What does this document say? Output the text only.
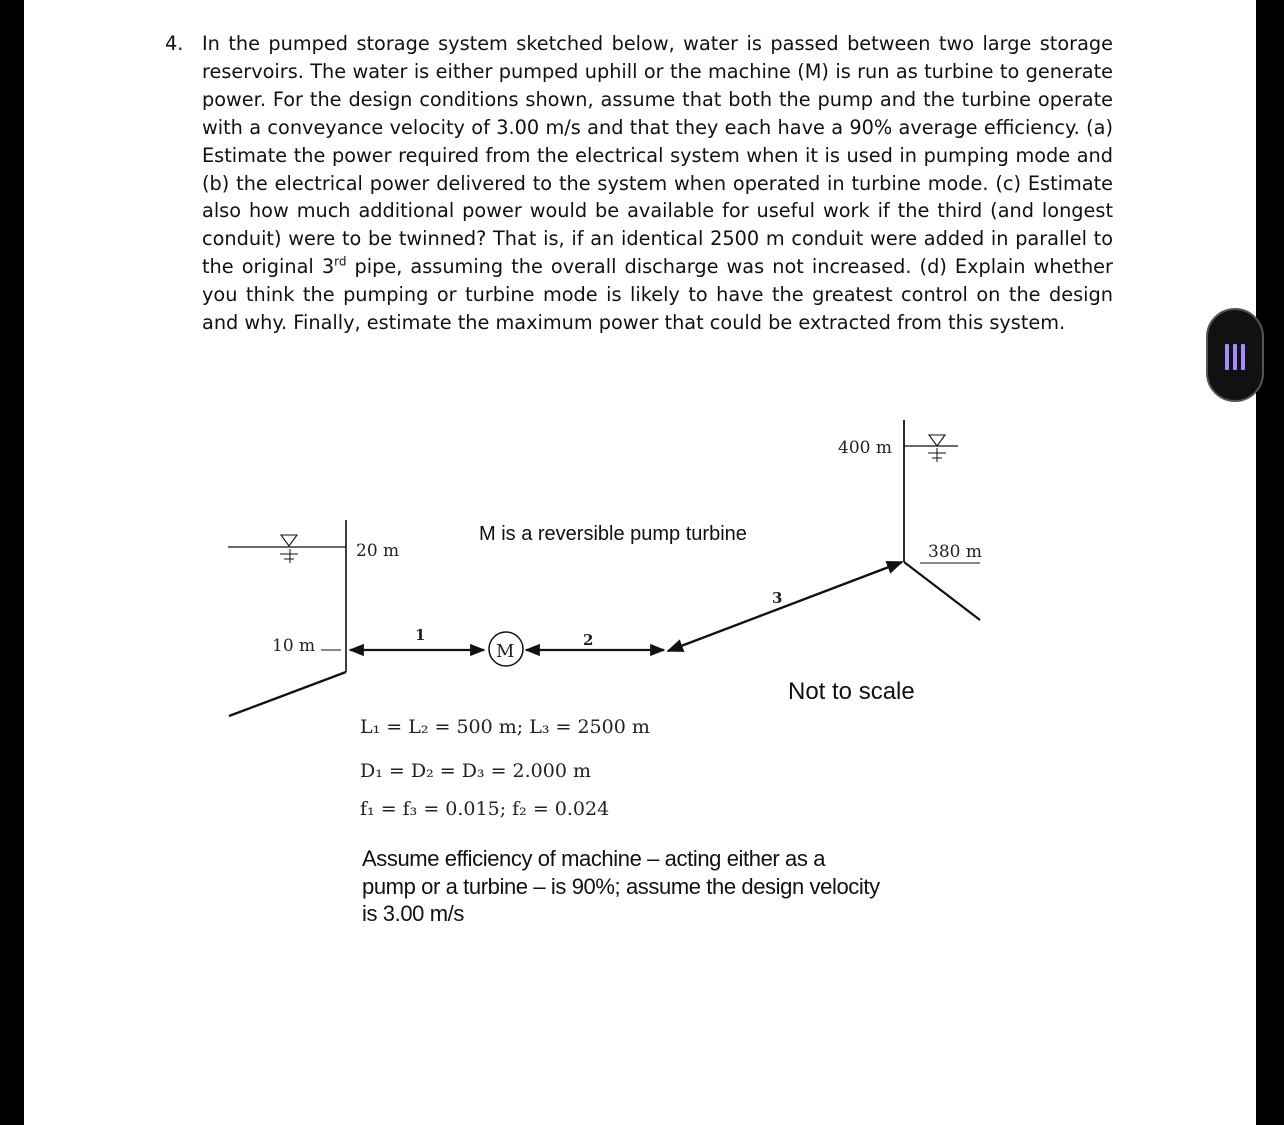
4. In the pumped storage system sketched below, water is passed between two large storage reservoirs. The water is either pumped uphill or the machine (M) is run as turbine to generate power. For the design conditions shown, assume that both the pump and the turbine operate with a conveyance velocity of 3.00 m/s and that they each have a 90% average efficiency. (a) Estimate the power required from the electrical system when it is used in pumping mode and (b) the electrical power delivered to the system when operated in turbine mode. (c) Estimate also how much additional power would be available for useful work if the third (and longest conduit) were to be twinned? That is, if an identical 2500 m conduit were added in parallel to the original 3rd pipe, assuming the overall discharge was not increased. (d) Explain whether you think the pumping or turbine mode is likely to have the greatest control on the design and why. Finally, estimate the maximum power that could be extracted from this system.
20 m
10 m
400 m
380 m
M is a reversible pump turbine
M
1	2
3
Not to scale
L₁ = L₂ = 500 m; L₃ = 2500 m
D₁ = D₂ = D₃ = 2.000 m
f₁ = f₃ = 0.015; f₂ = 0.024
Assume efficiency of machine – acting either as a pump or a turbine – is 90%; assume the design velocity is 3.00 m/s
